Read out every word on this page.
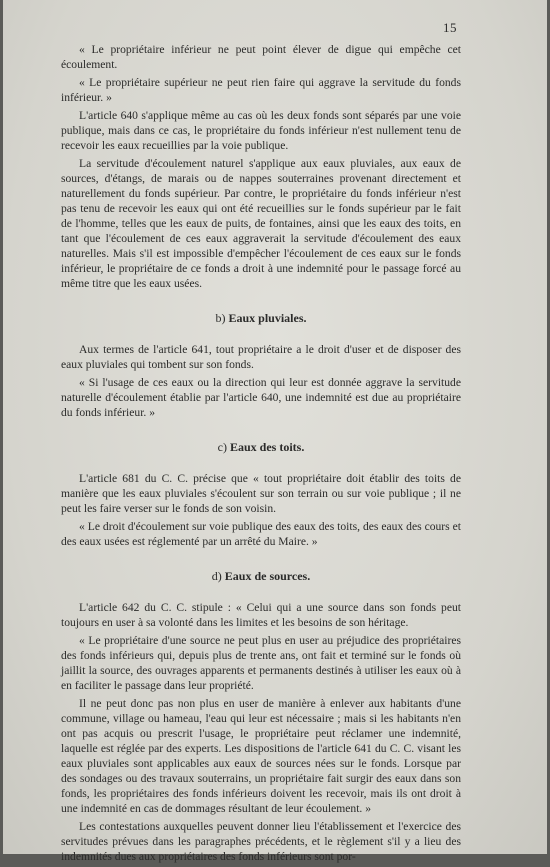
15

« Le propriétaire inférieur ne peut point élever de digue qui empêche cet écoulement.

« Le propriétaire supérieur ne peut rien faire qui aggrave la servitude du fonds inférieur. »

L'article 640 s'applique même au cas où les deux fonds sont séparés par une voie publique, mais dans ce cas, le propriétaire du fonds inférieur n'est nullement tenu de recevoir les eaux recueillies par la voie publique.

La servitude d'écoulement naturel s'applique aux eaux pluviales, aux eaux de sources, d'étangs, de marais ou de nappes souterraines provenant directement et naturellement du fonds supérieur. Par contre, le propriétaire du fonds inférieur n'est pas tenu de recevoir les eaux qui ont été recueillies sur le fonds supérieur par le fait de l'homme, telles que les eaux de puits, de fontaines, ainsi que les eaux des toits, en tant que l'écoulement de ces eaux aggraverait la servitude d'écoulement des eaux naturelles. Mais s'il est impossible d'empêcher l'écoulement de ces eaux sur le fonds inférieur, le propriétaire de ce fonds a droit à une indemnité pour le passage forcé au même titre que les eaux usées.

b) Eaux pluviales.

Aux termes de l'article 641, tout propriétaire a le droit d'user et de disposer des eaux pluviales qui tombent sur son fonds.

« Si l'usage de ces eaux ou la direction qui leur est donnée aggrave la servitude naturelle d'écoulement établie par l'article 640, une indemnité est due au propriétaire du fonds inférieur. »

c) Eaux des toits.

L'article 681 du C. C. précise que « tout propriétaire doit établir des toits de manière que les eaux pluviales s'écoulent sur son terrain ou sur voie publique ; il ne peut les faire verser sur le fonds de son voisin.

« Le droit d'écoulement sur voie publique des eaux des toits, des eaux des cours et des eaux usées est réglementé par un arrêté du Maire. »

d) Eaux de sources.

L'article 642 du C. C. stipule : « Celui qui a une source dans son fonds peut toujours en user à sa volonté dans les limites et les besoins de son héritage.

« Le propriétaire d'une source ne peut plus en user au préjudice des propriétaires des fonds inférieurs qui, depuis plus de trente ans, ont fait et terminé sur le fonds où jaillit la source, des ouvrages apparents et permanents destinés à utiliser les eaux où à en faciliter le passage dans leur propriété.

Il ne peut donc pas non plus en user de manière à enlever aux habitants d'une commune, village ou hameau, l'eau qui leur est nécessaire ; mais si les habitants n'en ont pas acquis ou prescrit l'usage, le propriétaire peut réclamer une indemnité, laquelle est réglée par des experts. Les dispositions de l'article 641 du C. C. visant les eaux pluviales sont applicables aux eaux de sources nées sur le fonds. Lorsque par des sondages ou des travaux souterrains, un propriétaire fait surgir des eaux dans son fonds, les propriétaires des fonds inférieurs doivent les recevoir, mais ils ont droit à une indemnité en cas de dommages résultant de leur écoulement. »

Les contestations auxquelles peuvent donner lieu l'établissement et l'exercice des servitudes prévues dans les paragraphes précédents, et le règlement s'il y a lieu des indemnités dues aux propriétaires des fonds inférieurs sont por-
